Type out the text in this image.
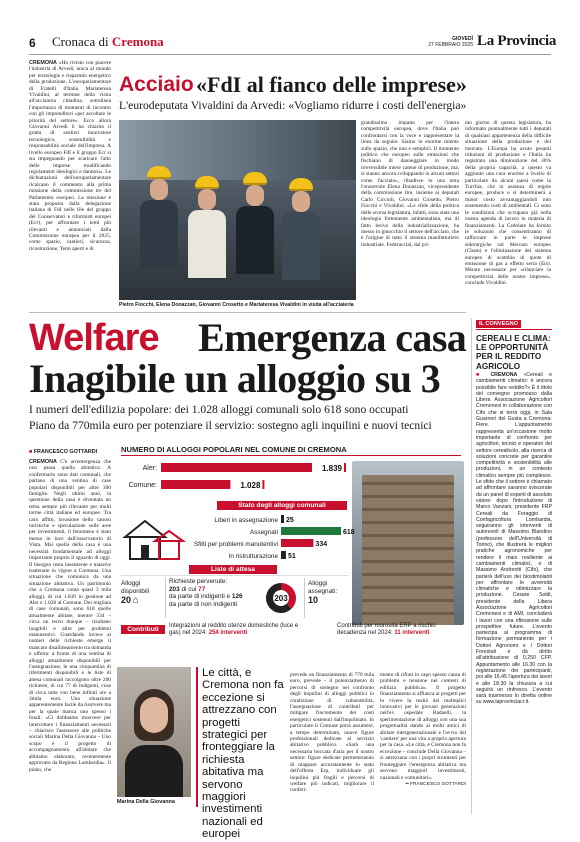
6 Cronaca di Cremona	GIOVEDÌ
27 FEBBRAIO 2025 La Provincia
CREMONA «Ho rivisto con piacere l'industria di Arvedi, unica al mondo per tecnologie e risparmio energetico della produzione. L'europarlamentare di Fratelli d'Italia Mariateresa Vivaldini, al termine della visita all'acciaieria cittadina, sottolinea l'importanza di momenti di incontro con gli imprenditori «per ascoltare le priorità del settore». Ecco allora Giovanni Arvedi li ha chiarito il gratta di sentirsi innovatore tecnologico, sostenibilità e responsabilità sociale dell'impresa. A livello europeo FdI e il gruppo Ecr si sta impegnando per scaricare l'alto delle imprese modificando regolamenti ideologici e dannosi». Le dichiarazioni dell'europarlamentare ricalcano il commento alla prima missione della commissione tre del Parlamento europeo. La missione è stata proposta dalla delegazione italiana di FdI nelle file del gruppo dei Conservatori e riformisti europei (Ecr), per affrontare i temi più rilevanti e annunciati dalla Commissione europea per il 2025, come spazio, cantieri, sicurezza, ricostruzione, Temi aperti e di
Acciaio «FdI al fianco delle imprese»
L'eurodeputata Vivaldini da Arvedi: «Vogliamo ridurre i costi dell'energia»
Pietro Fiocchi, Elena Donazzan, Giovanni Crosetto e Mariateresa Vivaldini in visita all'acciaieria
grandissimo impatto per l'intera competitività europea, dove l'Italia può confrontarsi con la voce e rappresentare la linea da seguire. Siamo in enorme miento sullo spazio, che non e semplici. Il momento politico che europeo sulle emissioni che fischiano di danneggiare in modo irreversibile intere catene di produzione, ma, si stanno ancora sviluppando in alcuni settori come l'acciaio», ribadisce in una nota l'onorevole Elena Donazzan, vicepresidente della commissione Itre, insieme ai deputati Carlo Ciccioli, Giovanni Crosetto, Pietro Fiocchi e Vivaldini. «Le sfide della politica delle scorsa legislatura, infatti, sono state una ideologia fortemente ambientalista, ma di fatto lesiva della industrializzazione, ha messo in ginocchio il settore dell'acciaio, che è l'origine di tutto il sistema manifatturiero industriale. Federacciai, dal pri-
mo giorno di questa legislatura, ha informato puntualmente tutti i deputati di qualsiasi appartenenza della difficile situazione della produzione e del mercato. L'Europa ha avuto pesanti riduzioni di produzione e l'Italia ha registrato una diminuzione del 30% della propria capacità, a questo va aggiunto una cura enorme a livello di particolare da alcuni paesi come la Turchia, che in assenza di regole europee, produce e si determinerà a minor costo avvantaggiandoli non sostenendo costi di ambientali. Ci sono le condizioni che occupano già nella nostra agenda di lavoro in materia di finanziamenti. La Cedolare ha fornito le soluzioni che consentiranno di rafforzare in parte le imprese siderurgiche sul Mercato europeo (Cbam) e l'eliminazione del sistema europeo di scambio di quote di emissione di gas a effetto serra (Ets). Misure necessarie per «rilanciare la competitività delle nostre imprese», conclude Vivaldini.
Welfare Emergenza casa
Inagibile un alloggio su 3
I numeri dell'edilizia popolare: dei 1.028 alloggi comunali solo 618 sono occupati
Piano da 770mila euro per potenziare il servizio: sostegno agli inquilini e nuovi tecnici
■ FRANCESCO GOTTARDI
CREMONA C'è un'emergenza che non passa quella abitativa. A confermarlo sono dati comunali, che parlano di una ventina di case popolari disponibili per altre 300 famiglie. Negli ultimi anni, la questione della casa è diventata un tema sempre più rilevante per molti torme città italiane ed europee. Tra caro affitti, invasione dello canoni turistiche e speculazione sulle aree per investimenti, il fenomeno è stato messo in luce dall'osservatorio di Vista. Mai quella della casa è una necessità fondamentale ad alloggi importante proprio il sguardo di oggi. Il bisogno resta inesistente e massive trattenute in vigore a Cremona. Una situazione che comunica da una situazione abitativa. Un patrimonio che a Cremona conta quasi 3 mila alloggi, di cui 1.839 in gestione ad Aler e 1.028 al Comune. Dei migliaia di case comunali, sono 618 quelle attualmente abitate, mentre 334 – circa un terzo dunque – risultano inagibili e altre per problemi manutentivi. Guardando invece ai numeri delle richieste emerge il mancato disallineamento tra domanda e offerta: a fronte di una ventina di alloggi attualmente disponibili per l'assegnazione, le una cinquantina di riferimenti disponibili e le liste di attesa comunali raccolgono oltre 200 richieste, di cui 77 di indigenti, cose di circa tutte con bene infiniti ore a 3mila euro. Una situazione apparentemente facile da risolvere ma per la quale manca uno spesso i fondi: «Ci dobbiamo muovere per intercettare i finanziamenti necessari – chiarisce l'assessore alle politiche sociali Marina Della Giovanna – Uno scopo è il progetto di accompagnamento all'abitare che abbiamo elaborato, recentemente approvato da Regione Lombardia». Il piano, che
NUMERO DI ALLOGGI POPOLARI NEL COMUNE DI CREMONA
Aler:	1.839
Comune:	1.028
Stato degli alloggi comunali
Liberi in assegnazione 25
Assegnati	618
Sfitti per problemi manutentivi	334
In ristrutturazione 51
Liste di attesa
Alloggi disponibili
20 ⌂
Richieste pervenute:
203 di cui 77
da parte di indigenti e 126
da parte di non indigenti
203
Alloggi assegnati:
10
Contributi	Integrazioni al reddito utenze domestiche (luce e gas) nel 2024: 254 interventi
Contributi per morosità ERP a rischio decadenza nel 2024: 11 interventi
Marina Della Giovanna
Le città, e Cremona non fa eccezione si attrezzano con progetti strategici per fronteggiare la richiesta abitativa ma servono maggiori investimenti nazionali ed europei
prevede un finanziamento di 770 mila euro, prevede – il potenziamento di percorsi di sostegno nel confronto degli inquilini di alloggi pubblici in condizione di vulnerabilità, l'assegnazione di contributi per mitigare l'incremento dei costi energetici sostenuti dall'inquilinato. In particolare il Comune potrà assumere, a tempo determinato, nuove figure professionali dedicate al servizio abitativo pubblico. «Sarà una necessaria boccata d'aria per il nostro settore: figure dedicate permetteranno di mappare accuratamente lo stato dell'offerta Erp, individuare gli inquilini più fragili e percorsi di welfare più indicati, migliorare il conferi-
mento di rifiuti in capo spesso causa di problemi e tensione nei contesti di edilizia pubblica». Il progetto finanziamento si affianca ai progetti per lo vivere la realtà dei molteplici innovativi per le giovani generazioni nell'ex ospedale Radaelli, la sperimentazione di alloggi con una sua progettualità dando ai molti amici di abitare intergenerazionale e l'avvio del 'cantiere' per una vita a propria apertura per la casa. «Le città, e Cremona non fa eccezione – conclude Della Giovanna – si attrezzano con i propri strumenti per fronteggiare l'emergenza abitativa ma servono maggiori investimenti, nazionali e comunitari».
•• FRANCESCO GOTTARDI
IL CONVEGNO
CEREALI E CLIMA: LE OPPORTUNITÀ PER IL REDDITO AGRICOLO
■ CREMONA «Cereali e cambiamenti climatici: è ancora possibile fare reddito?» È il titolo del convegno promosso dalla Libera Associazione Agricoltori Cremonesi in collaborazione con Cifo che si terrà oggi, in Sala Guarneri del Gusta a Cremona-Fiere. L'appuntamento rappresenta un'occasione molto importante di confronto per agricoltori, tecnici e operatori del settore cerealicolo, alla ricerca di soluzioni concrete per garantire competitività e sostenibilità alle produzioni, in un contesto climatico sempre più complesso. Le sfide che il settore è chiamato ad affrontare saranno sviscerate da un panel di esperti di assoluto valore: dopo l'introduzione di Marco Vanzani, presidente FRP Cereali da Foraggio di Confagricoltura Lombardia, seguiranno gli interventi di autorevoli di Massimo Blandino (professore dell'Università di Torino), che illustrerà le migliori pratiche agronomiche per rendere il mais resiliente ai cambiamenti climatici, e di Massimo Andreotti (Cifo), che parlerà dell'uso dei biostimolanti per affrontare le avversità climatiche e ottimizzare la produzione. Cesare Soldi, presidente della Libera Associazione Agricoltori Cremonesi e di AMI, concluderà i lavori con una riflessione sulle prospettive future. L'evento partecipa al programma di formazione permanente per i Dottori Agronomi e i Dottori Forestali e dà diritto all'attribuzione di 0,250 CFP. Appuntamento alle 16.30 con la registrazione dei partecipanti, poi alle 16.45 l'apertura dei lavori e alle 18.30 la chiusura a cui seguirà un rinfresco. L'evento sarà trasmesso in diretta online su www.laprovinciacr.it.
